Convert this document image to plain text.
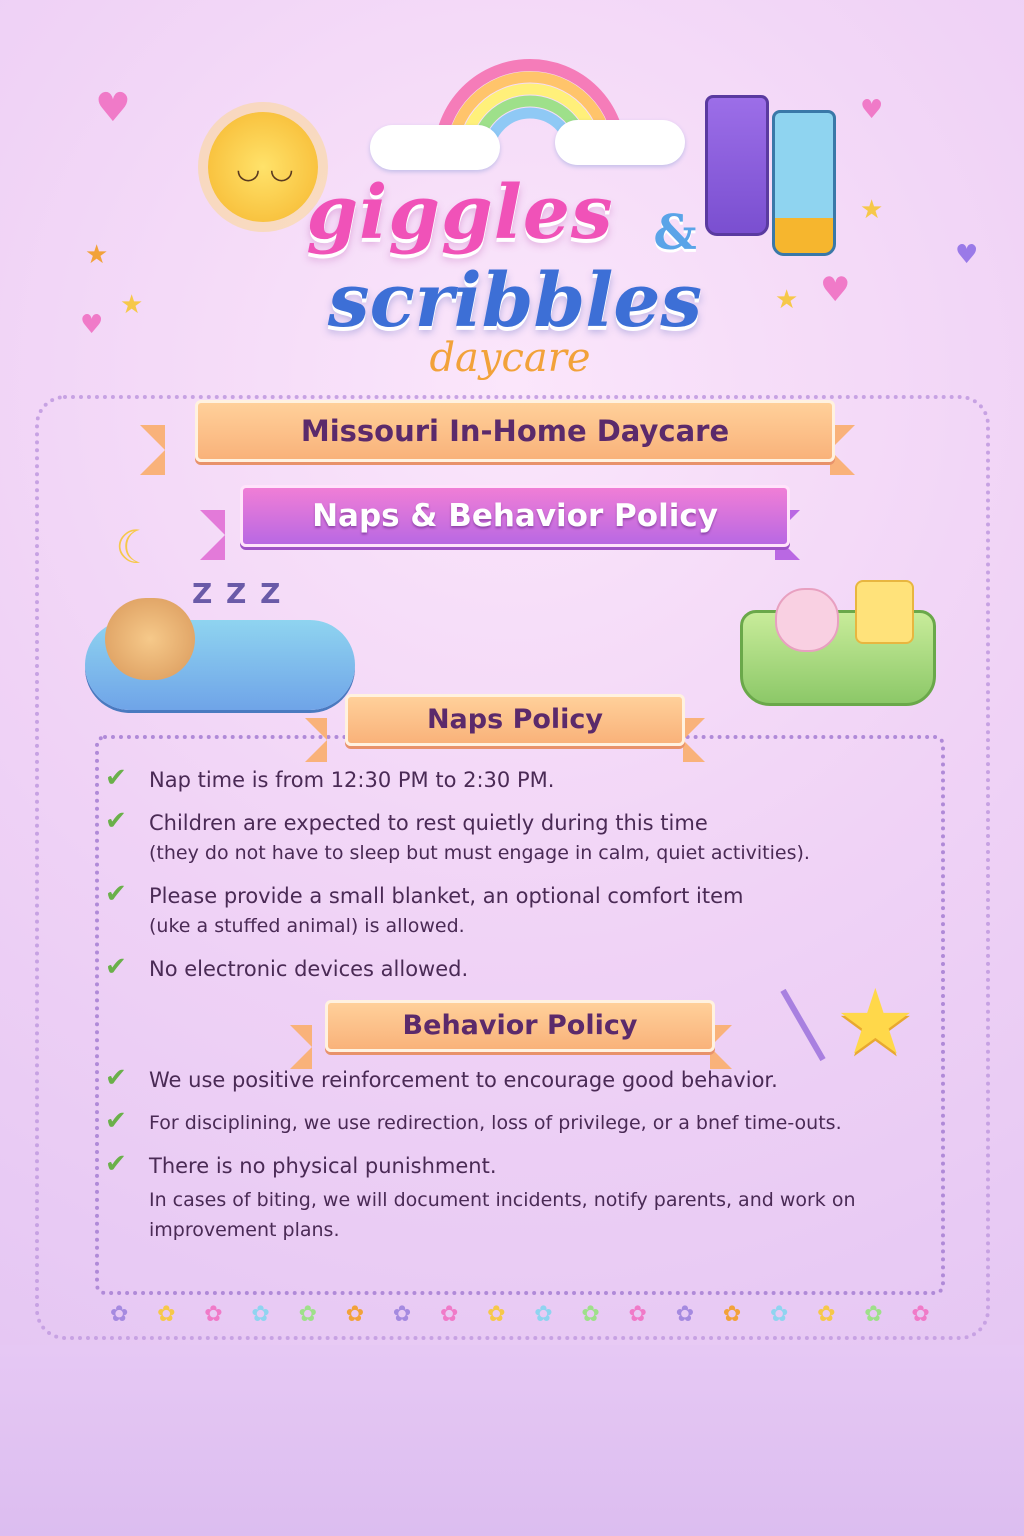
♥	♥
♥
♥
♥
★
★
★
★
◡ ◡
giggles &
scribbles
daycare
Missouri In-Home Daycare
Naps & Behavior Policy
☾
Z Z Z
Naps Policy
✔ Nap time is from 12:30 PM to 2:30 PM.
✔ Children are expected to rest quietly during this time
(they do not have to sleep but must engage in calm, quiet activities).
✔ Please provide a small blanket, an optional comfort item
(uke a stuffed animal) is allowed.
✔ No electronic devices allowed.
★
Behavior Policy
✔ We use positive reinforcement to encourage good behavior.
✔ For disciplining, we use redirection, loss of privilege, or a bnef time-outs.
✔ There is no physical punishment.
In cases of biting, we will document incidents, notify parents, and work on improvement plans.
✿ ✿ ✿ ✿ ✿ ✿ ✿ ✿ ✿ ✿ ✿ ✿ ✿ ✿ ✿ ✿ ✿ ✿
